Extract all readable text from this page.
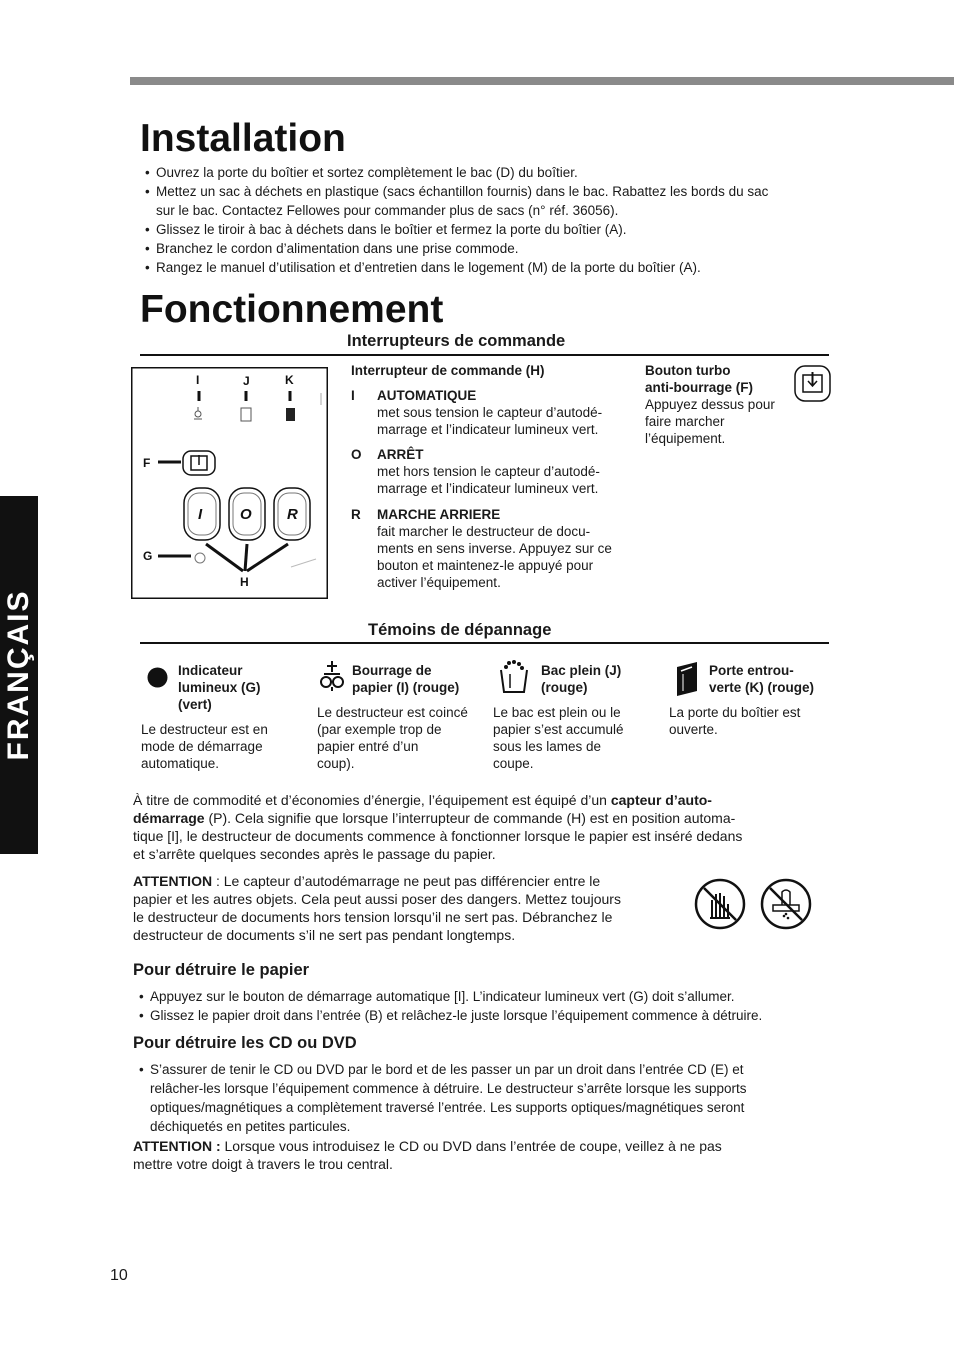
FRANÇAIS
Installation
• Ouvrez la porte du boîtier et sortez complètement le bac (D) du boîtier.
• Mettez un sac à déchets en plastique (sacs échantillon fournis) dans le bac. Rabattez les bords du sac
sur le bac. Contactez Fellowes pour commander plus de sacs (n° réf. 36056).
• Glissez le tiroir à bac à déchets dans le boîtier et fermez la porte du boîtier (A).
• Branchez le cordon d’alimentation dans une prise commode.
• Rangez le manuel d’utilisation et d’entretien dans le logement (M) de la porte du boîtier (A).
Fonctionnement
Interrupteurs de commande
I	J	K
F
G
H
I	O R
Interrupteur de commande (H)
I AUTOMATIQUE
met sous tension le capteur d’autodé-
marrage et l’indicateur lumineux vert.
O ARRÊT
met hors tension le capteur d’autodé-
marrage et l’indicateur lumineux vert.
R MARCHE ARRIERE
fait marcher le destructeur de docu-
ments en sens inverse. Appuyez sur ce
bouton et maintenez-le appuyé pour
activer l’équipement.
Bouton turbo
anti-bourrage (F)
Appuyez dessus pour
faire marcher
l’équipement.
Témoins de dépannage
Indicateur
lumineux (G)
(vert)
Le destructeur est en
mode de démarrage
automatique.
Bourrage de
papier (I) (rouge)
Le destructeur est coincé
(par exemple trop de
papier entré d’un
coup).
Bac plein (J)
(rouge)
Le bac est plein ou le
papier s’est accumulé
sous les lames de
coupe.
Porte entrou-
verte (K) (rouge)
La porte du boîtier est
ouverte.
À titre de commodité et d’économies d’énergie, l’équipement est équipé d’un capteur d’auto-
démarrage (P). Cela signifie que lorsque l’interrupteur de commande (H) est en position automa-
tique [I], le destructeur de documents commence à fonctionner lorsque le papier est inséré dedans
et s’arrête quelques secondes après le passage du papier.
ATTENTION : Le capteur d’autodémarrage ne peut pas différencier entre le
papier et les autres objets. Cela peut aussi poser des dangers. Mettez toujours
le destructeur de documents hors tension lorsqu’il ne sert pas. Débranchez le
destructeur de documents s’il ne sert pas pendant longtemps.
Pour détruire le papier
• Appuyez sur le bouton de démarrage automatique [I]. L’indicateur lumineux vert (G) doit s’allumer.
• Glissez le papier droit dans l’entrée (B) et relâchez-le juste lorsque l’équipement commence à détruire.
Pour détruire les CD ou DVD
• S’assurer de tenir le CD ou DVD par le bord et de les passer un par un droit dans l’entrée CD (E) et
relâcher-les lorsque l’équipement commence à détruire. Le destructeur s’arrête lorsque les supports
optiques/magnétiques a complètement traversé l’entrée. Les supports optiques/magnétiques seront
déchiquetés en petites particules.
ATTENTION : Lorsque vous introduisez le CD ou DVD dans l’entrée de coupe, veillez à ne pas
mettre votre doigt à travers le trou central.
10
